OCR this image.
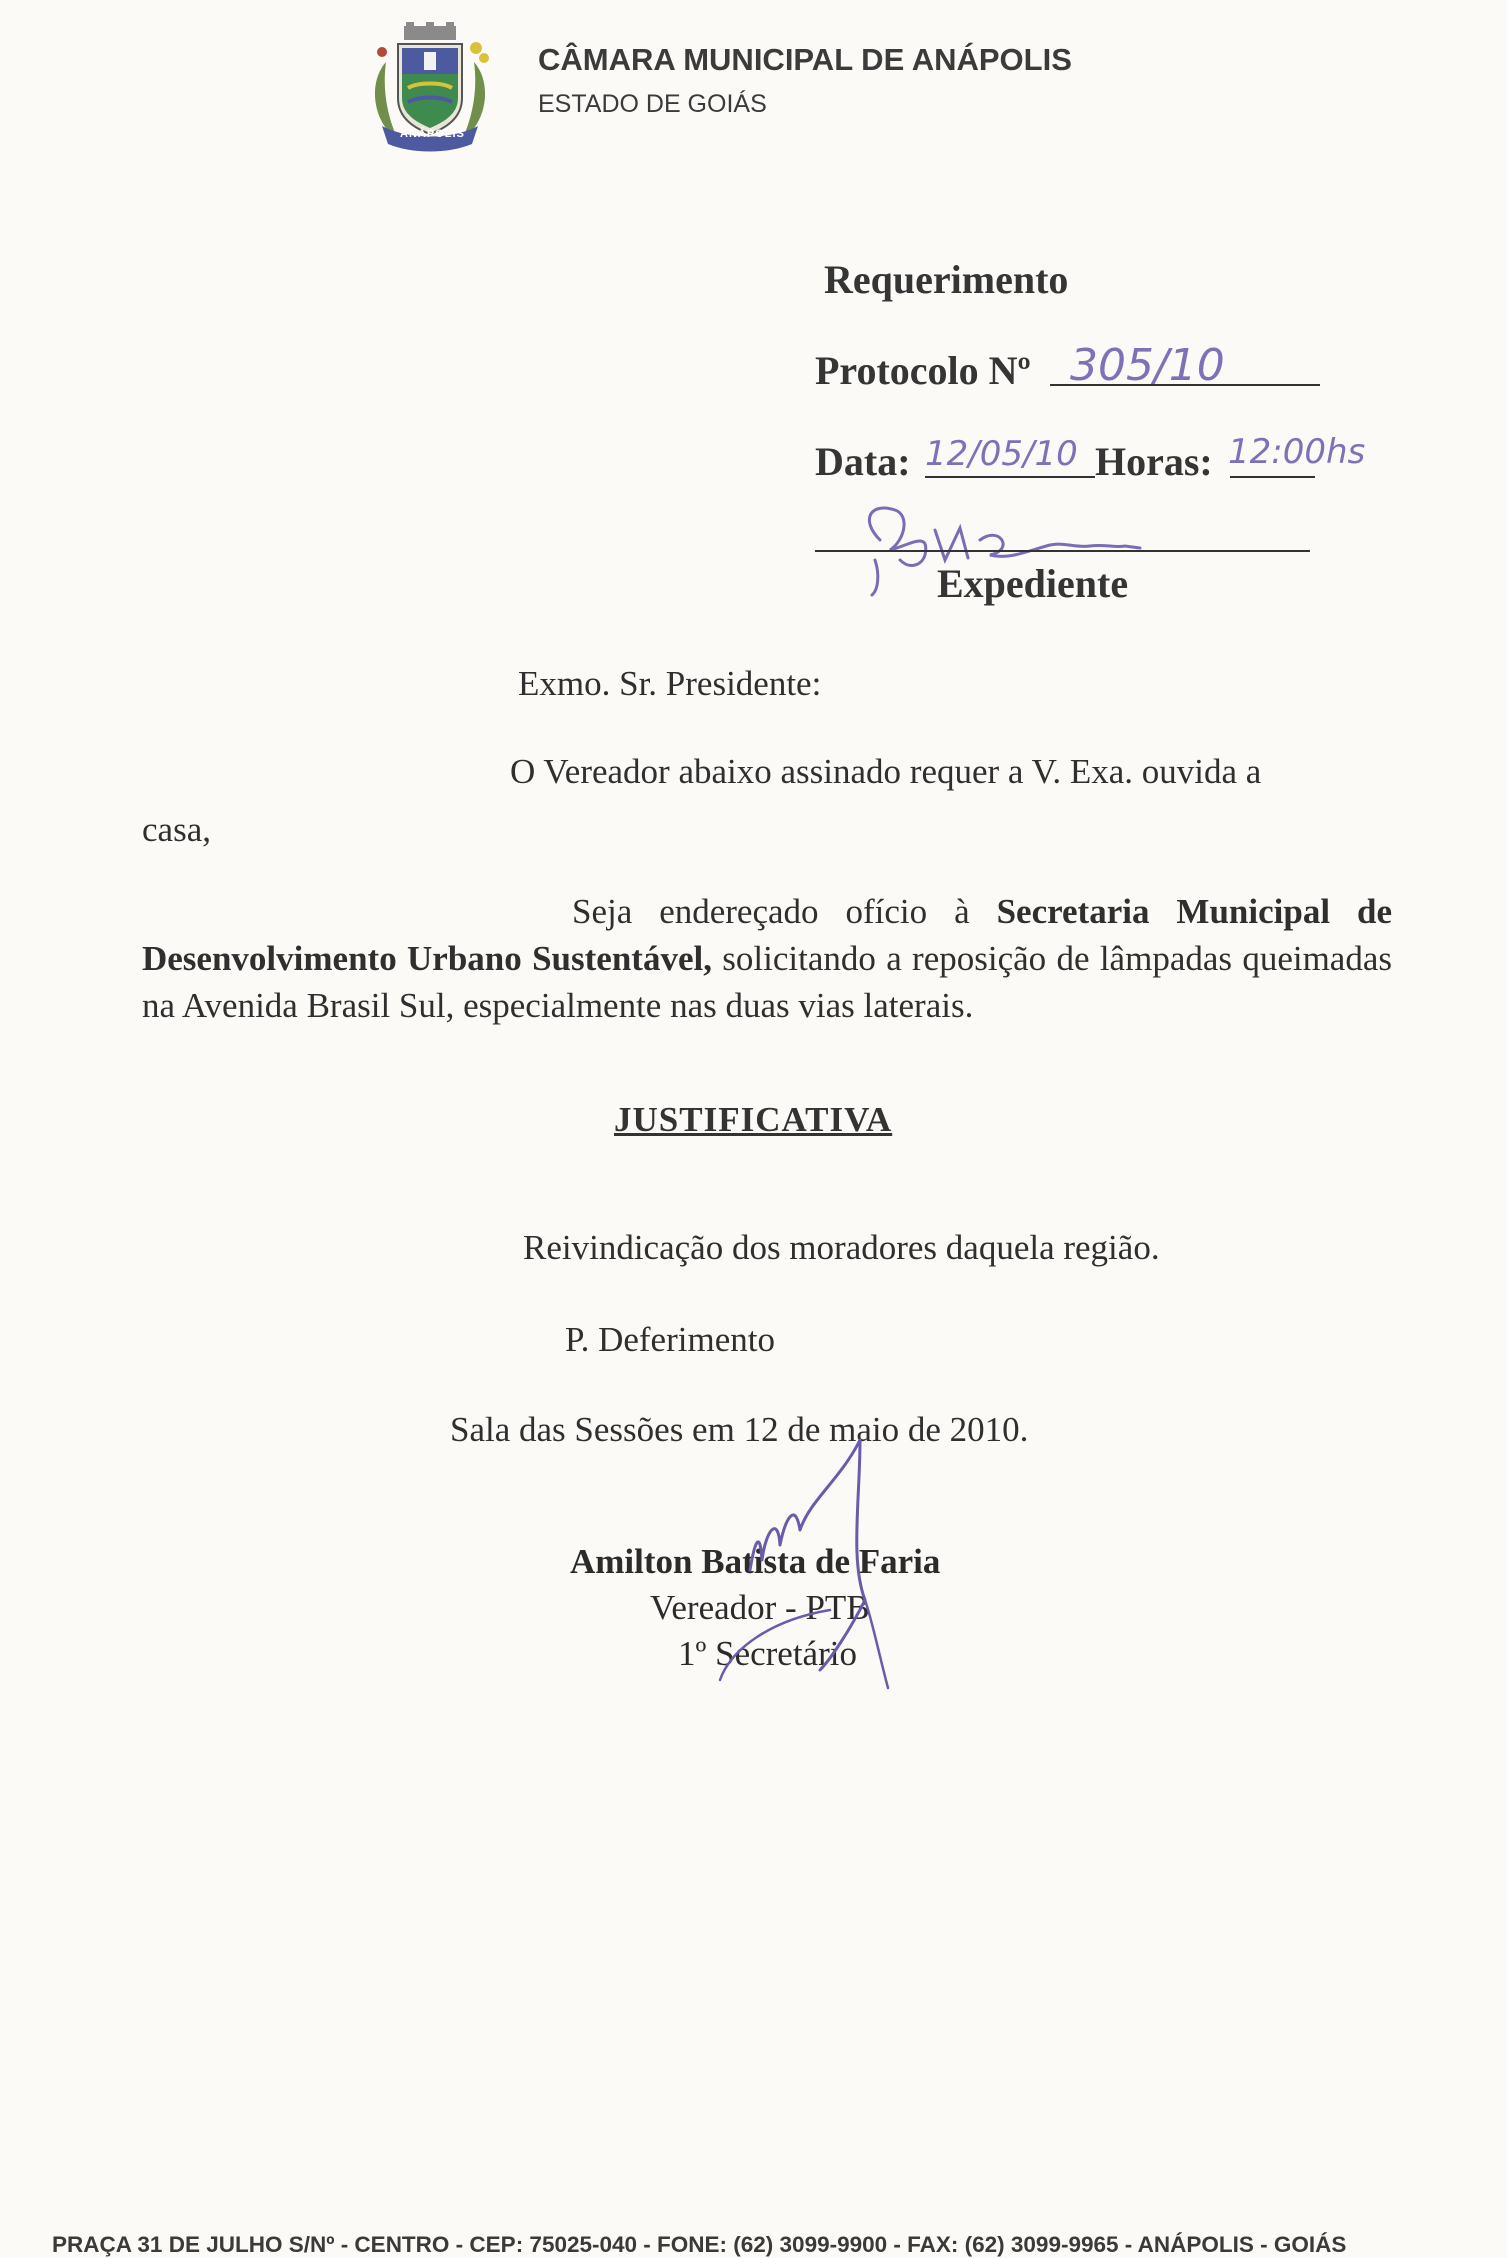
ANÁPOLIS
CÂMARA MUNICIPAL DE ANÁPOLIS
ESTADO DE GOIÁS
Requerimento
Protocolo Nº 305/10
Data: 12/05/10 Horas: 12:00hs
Expediente
Exmo. Sr. Presidente:
O Vereador abaixo assinado requer a V. Exa. ouvida a
casa,
Seja endereçado ofício à Secretaria Municipal de Desenvolvimento Urbano Sustentável, solicitando a reposição de lâmpadas queimadas na Avenida Brasil Sul, especialmente nas duas vias laterais.
JUSTIFICATIVA
Reivindicação dos moradores daquela região.
P. Deferimento
Sala das Sessões em 12 de maio de 2010.
Amilton Batista de Faria
Vereador - PTB
1º Secretário
PRAÇA 31 DE JULHO S/Nº - CENTRO - CEP: 75025-040 - FONE: (62) 3099-9900 - FAX: (62) 3099-9965 - ANÁPOLIS - GOIÁS
